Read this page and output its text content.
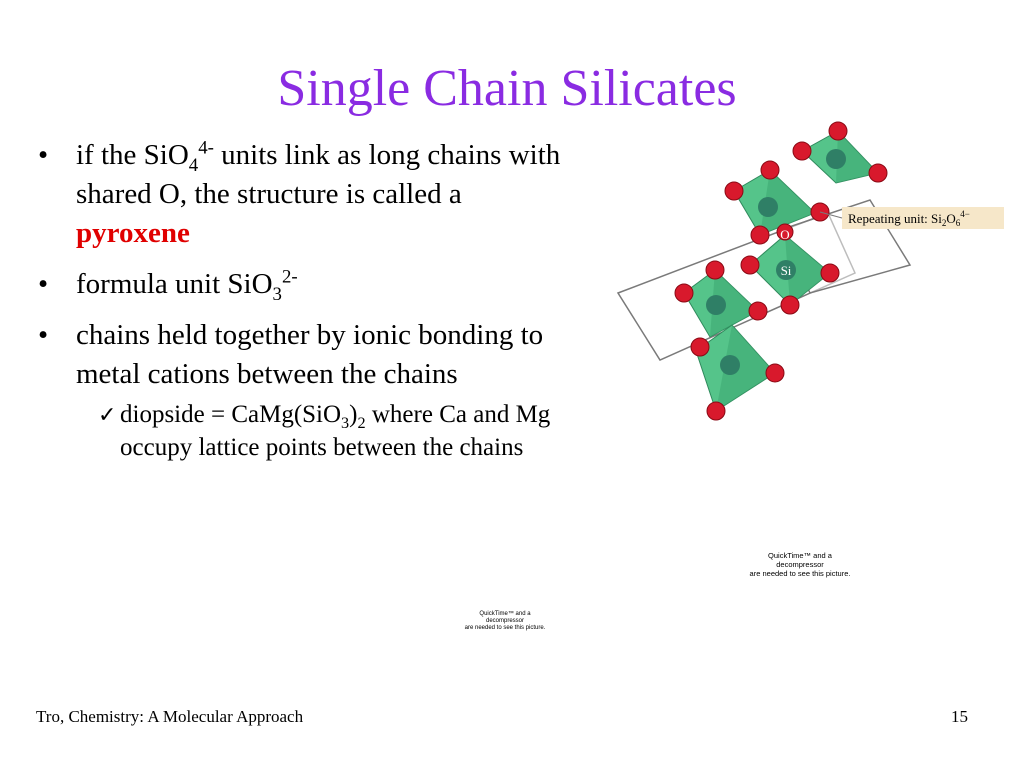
Single Chain Silicates
• if the SiO$_4^{4-}$ units link as long chains with shared O, the structure is called a pyroxene
• formula unit SiO$_3^{2-}$
• chains held together by ionic bonding to metal cations between the chains
✓ diopside = $CaMg(SiO_3)_2$ where Ca and Mg occupy lattice points between the chains
O
Si
Repeating unit: $Si_2O_6^{4-}$
QuickTime™ and a
decompressor
are needed to see this picture.
QuickTime™ and a
decompressor
are needed to see this picture.
Tro, Chemistry: A Molecular Approach	15
